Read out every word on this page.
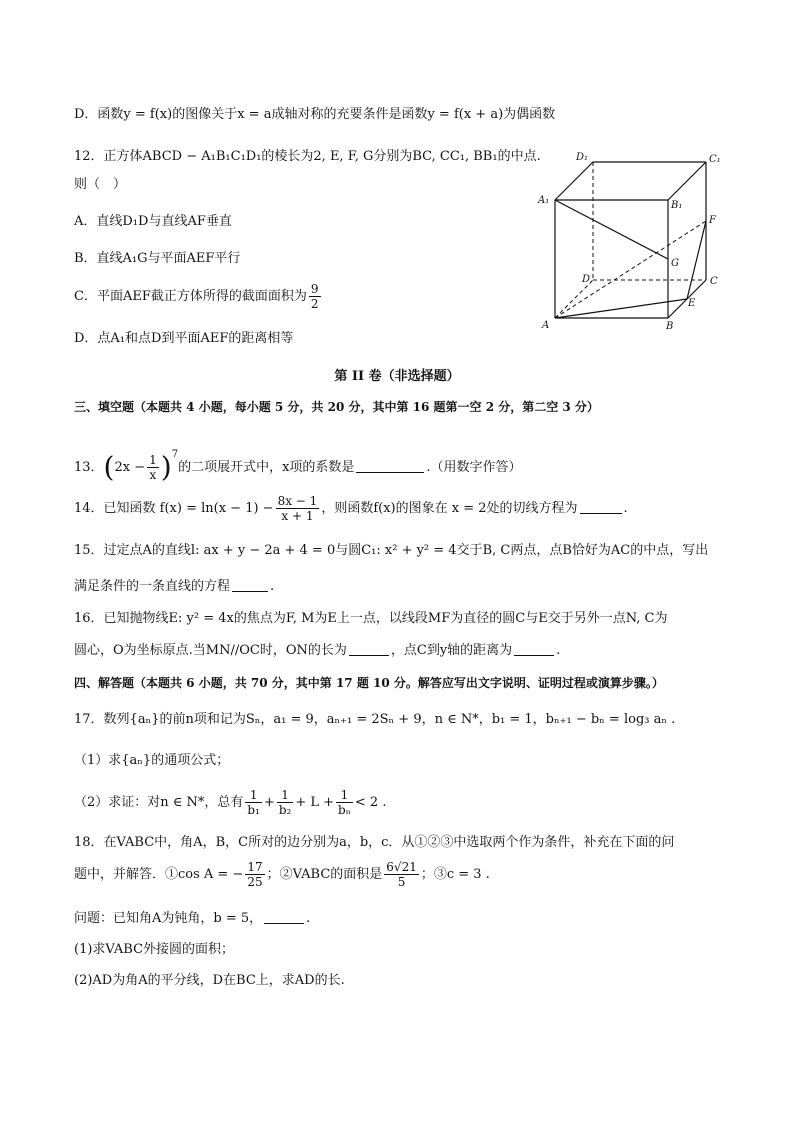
D．函数y = f(x)的图像关于x = a成轴对称的充要条件是函数y = f(x + a)为偶函数
12．正方体ABCD − A₁B₁C₁D₁的棱长为2, E, F, G分别为BC, CC₁, BB₁的中点.
则（　）
A．直线D₁D与直线AF垂直
B．直线A₁G与平面AEF平行
C．平面AEF截正方体所得的截面面积为 $\frac{9}{2}$
D．点A₁和点D到平面AEF的距离相等
A	B
C
D
A₁	B₁
C₁
D₁
E
F
G
第 II 卷（非选择题）
三、填空题（本题共 4 小题，每小题 5 分，共 20 分，其中第 16 题第一空 2 分，第二空 3 分）
13．$(2x - \frac{1}{x} )^7$的二项展开式中，x项的系数是	.（用数字作答）
14．已知函数 $f(x) = \ln(x - 1) - \frac{8x - 1}{x + 1}$ ，则函数f(x)的图象在 x = 2处的切线方程为	.
15．过定点A的直线l: ax + y − 2a + 4 = 0与圆C₁: x² + y² = 4交于B, C两点，点B恰好为AC的中点，写出
满足条件的一条直线的方程	.
16．已知抛物线E: y² = 4x的焦点为F, M为E上一点，以线段MF为直径的圆C与E交于另外一点N, C为
圆心，O为坐标原点.当MN//OC时，ON的长为	，点C到y轴的距离为	.
四、解答题（本题共 6 小题，共 70 分，其中第 17 题 10 分。解答应写出文字说明、证明过程或演算步骤。）
17．数列{aₙ}的前n项和记为Sₙ，a₁ = 9，aₙ₊₁ = 2Sₙ + 9，n ∈ N*，b₁ = 1，bₙ₊₁ − bₙ = log₃ aₙ .
（1）求{aₙ}的通项公式；
（2）求证：对n ∈ N*，总有 $\frac{1}{\text{b₁}} + \frac{1}{\text{b₂}} + L + \frac{1}{\text{bₙ}} < 2$ .
18．在VABC中，角A，B，C所对的边分别为a，b，c．从①②③中选取两个作为条件，补充在下面的问
题中，并解答．①cos A = − $\frac{17}{25}$ ；②VABC的面积是 $\frac{6√21}{5}$ ；③c = 3 .
问题：已知角A为钝角，b = 5，	.
(1)求VABC外接圆的面积；
(2)AD为角A的平分线，D在BC上，求AD的长.
